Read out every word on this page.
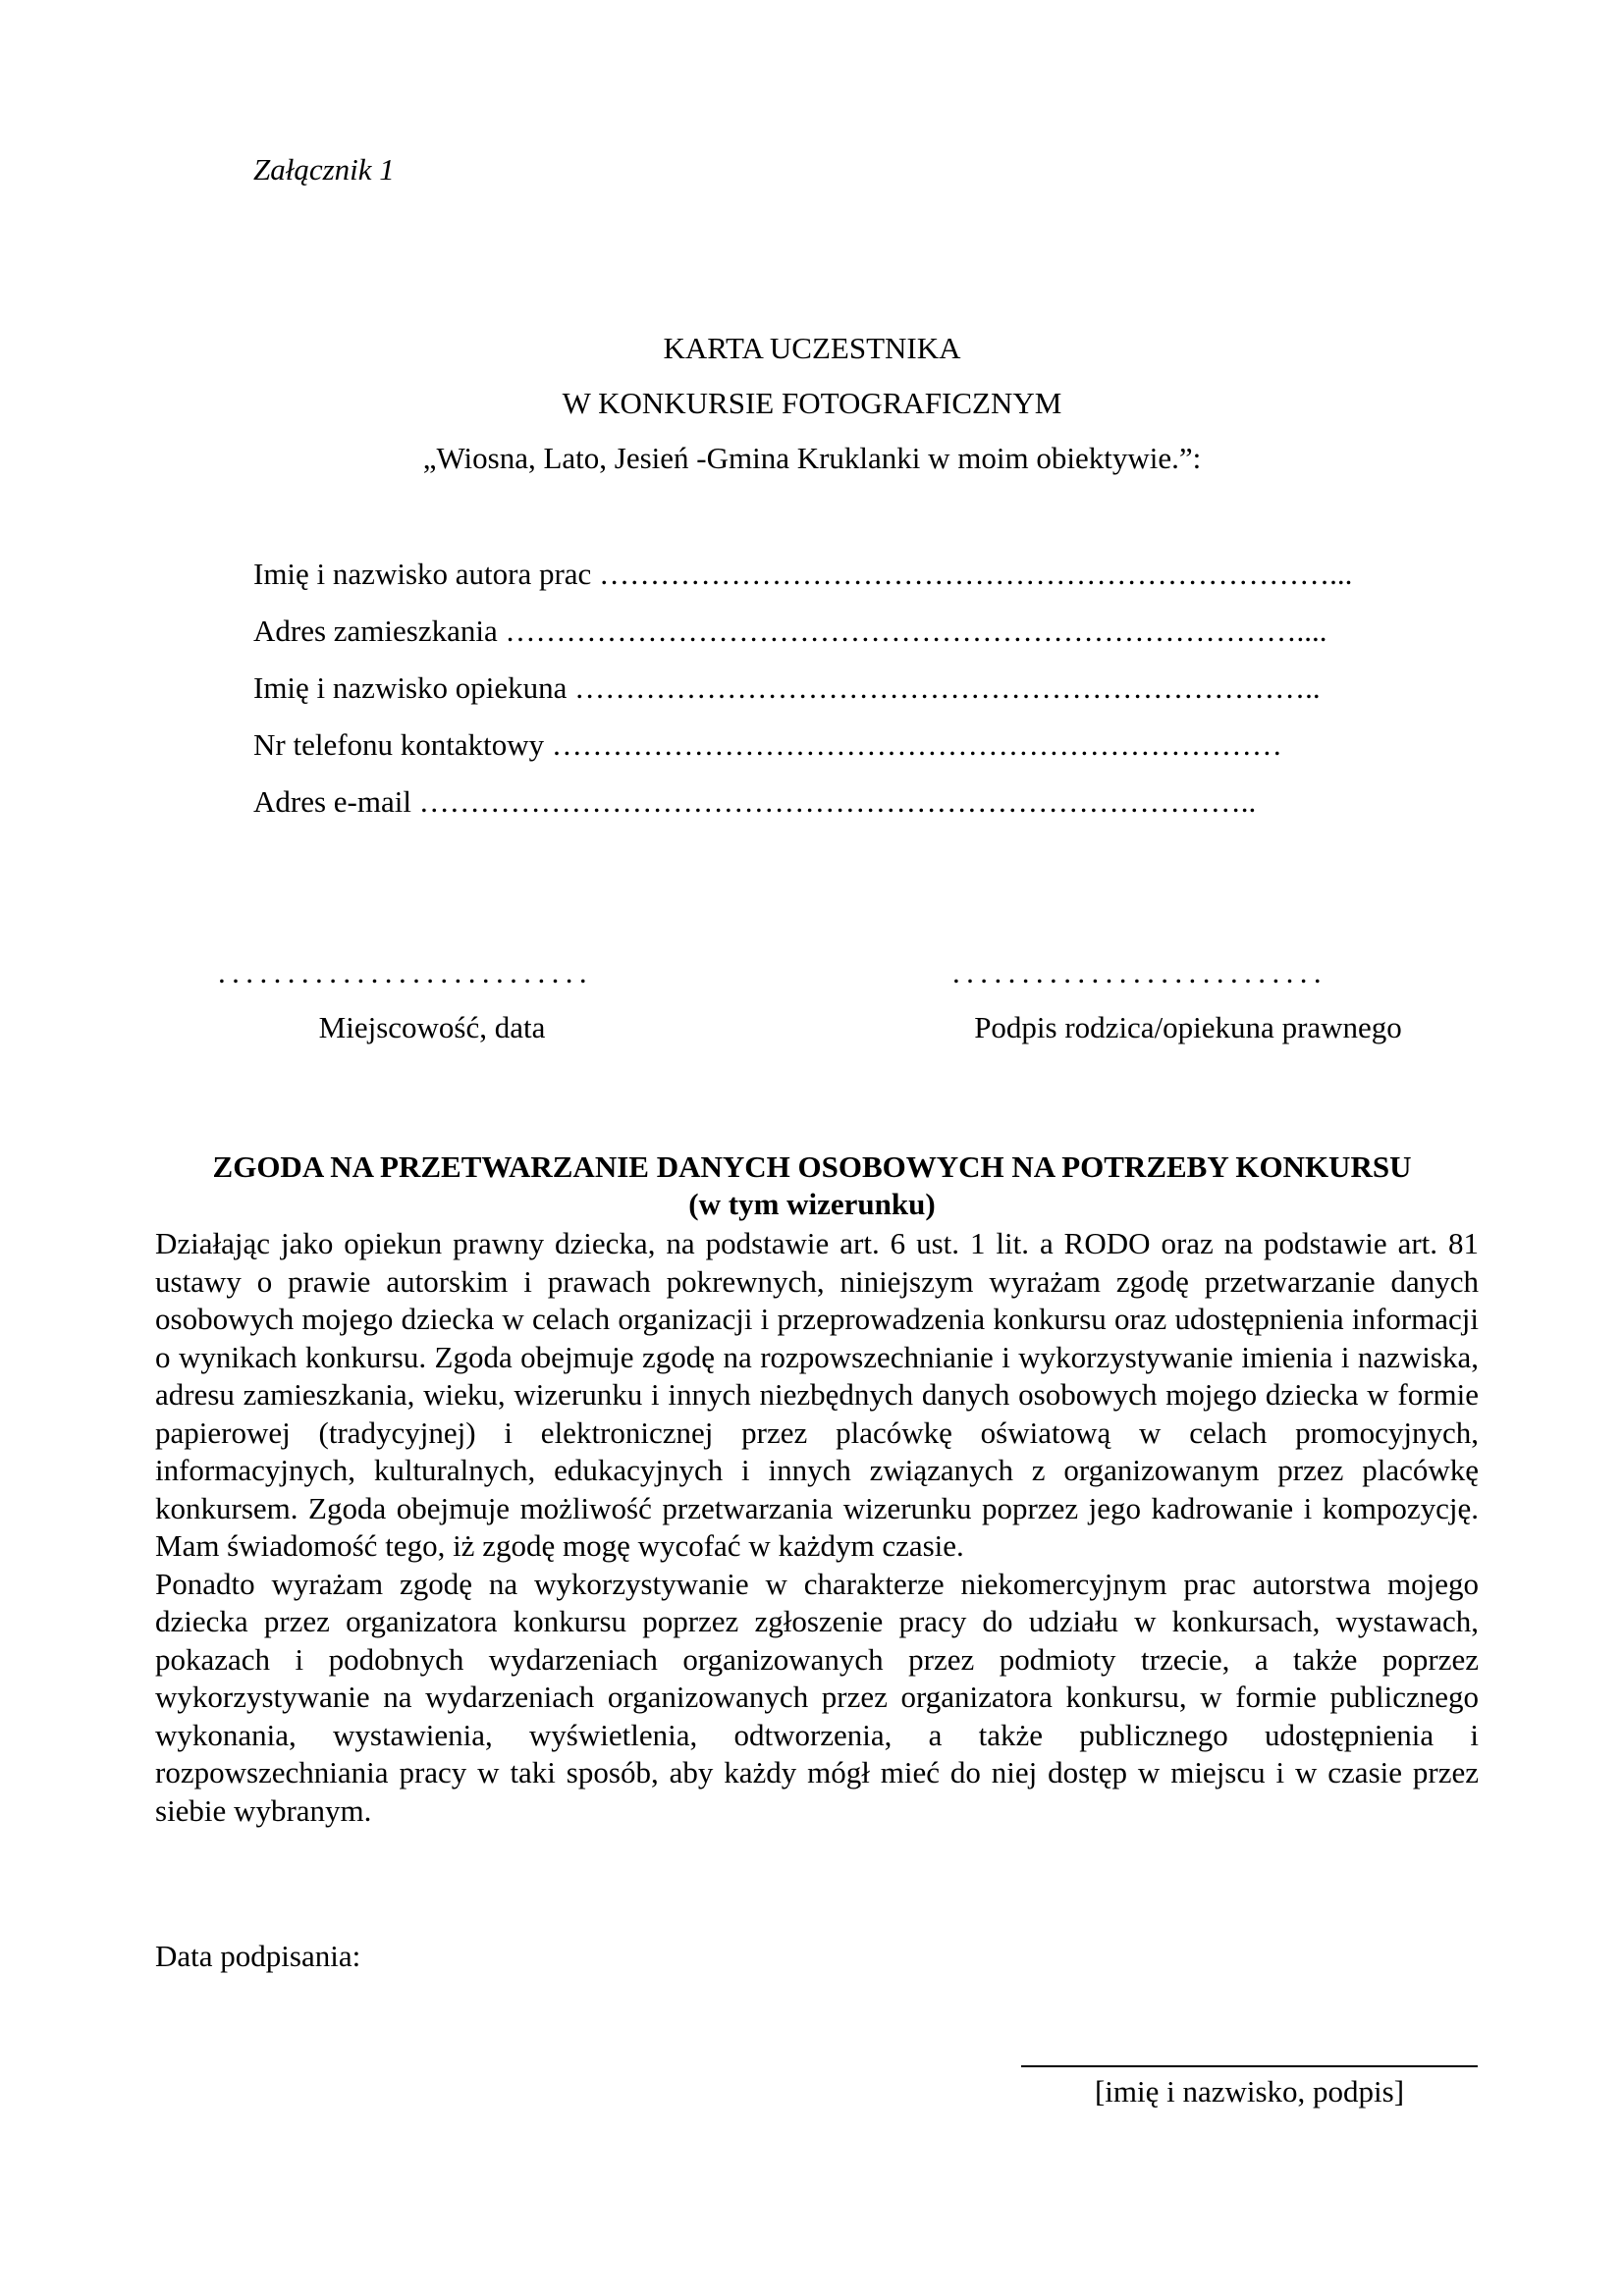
Załącznik 1
KARTA UCZESTNIKA
W KONKURSIE FOTOGRAFICZNYM
„Wiosna, Lato, Jesień -Gmina Kruklanki w moim obiektywie.”:
Imię i nazwisko autora prac ………………………………………………………………...
Adres zamieszkania ……………………………………………………………………....
Imię i nazwisko opiekuna ………………………………………………………………..
Nr telefonu kontaktowy ………………………………………………………………
Adres e-mail ………………………………………………………………………..
...........................
Miejscowość, data
...........................
Podpis rodzica/opiekuna prawnego
ZGODA NA PRZETWARZANIE DANYCH OSOBOWYCH NA POTRZEBY KONKURSU
(w tym wizerunku)

Działając jako opiekun prawny dziecka, na podstawie art. 6 ust. 1 lit. a RODO oraz na podstawie art. 81 ustawy o prawie autorskim i prawach pokrewnych, niniejszym wyrażam zgodę przetwarzanie danych osobowych mojego dziecka w celach organizacji i przeprowadzenia konkursu oraz udostępnienia informacji o wynikach konkursu. Zgoda obejmuje zgodę na rozpowszechnianie i wykorzystywanie imienia i nazwiska, adresu zamieszkania, wieku, wizerunku i innych niezbędnych danych osobowych mojego dziecka w formie papierowej (tradycyjnej) i elektronicznej przez placówkę oświatową w celach promocyjnych, informacyjnych, kulturalnych, edukacyjnych i innych związanych z organizowanym przez placówkę konkursem. Zgoda obejmuje możliwość przetwarzania wizerunku poprzez jego kadrowanie i kompozycję. Mam świadomość tego, iż zgodę mogę wycofać w każdym czasie.

Ponadto wyrażam zgodę na wykorzystywanie w charakterze niekomercyjnym prac autorstwa mojego dziecka przez organizatora konkursu poprzez zgłoszenie pracy do udziału w konkursach, wystawach, pokazach i podobnych wydarzeniach organizowanych przez podmioty trzecie, a także poprzez wykorzystywanie na wydarzeniach organizowanych przez organizatora konkursu, w formie publicznego wykonania, wystawienia, wyświetlenia, odtworzenia, a także publicznego udostępnienia i rozpowszechniania pracy w taki sposób, aby każdy mógł mieć do niej dostęp w miejscu i w czasie przez siebie wybranym.

Data podpisania:
[imię i nazwisko, podpis]
